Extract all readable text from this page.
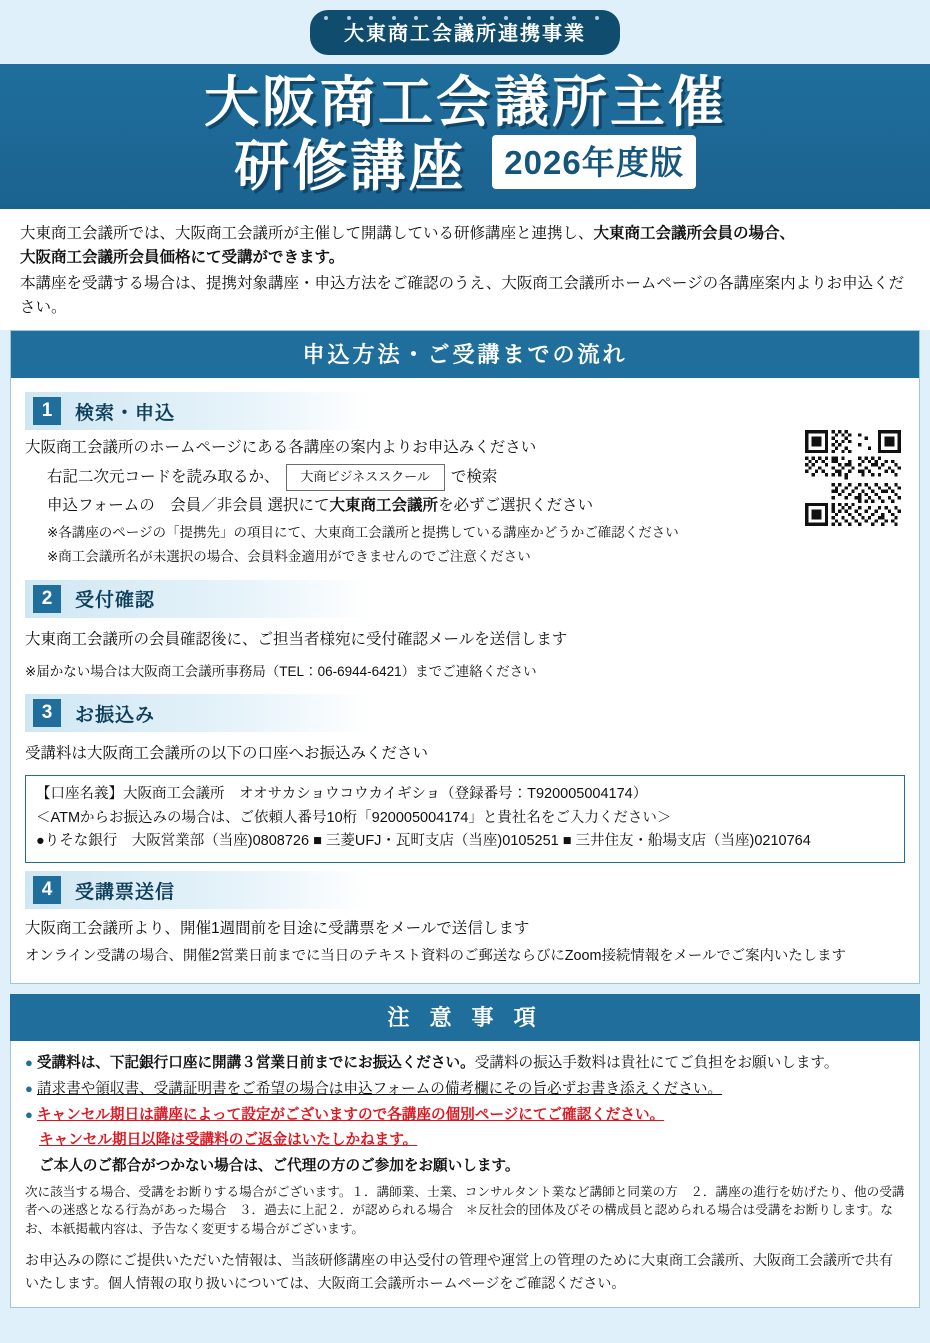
大東商工会議所連携事業
大阪商工会議所主催
研修講座	2026年度版

大東商工会議所では、大阪商工会議所が主催して開講している研修講座と連携し、大東商工会議所会員の場合、
大阪商工会議所会員価格にて受講ができます。

本講座を受講する場合は、提携対象講座・申込方法をご確認のうえ、大阪商工会議所ホームページの各講座案内よりお申込ください。

申込方法・ご受講までの流れ
1	検索・申込
大阪商工会議所のホームページにある各講座の案内よりお申込みください
右記二次元コードを読み取るか、 大商ビジネススクール で検索
申込フォームの　会員／非会員 選択にて大東商工会議所を必ずご選択ください
※各講座のページの「提携先」の項目にて、大東商工会議所と提携している講座かどうかご確認ください
※商工会議所名が未選択の場合、会員料金適用ができませんのでご注意ください
2	受付確認
大東商工会議所の会員確認後に、ご担当者様宛に受付確認メールを送信します
※届かない場合は大阪商工会議所事務局（TEL：06-6944-6421）までご連絡ください
3	お振込み
受講料は大阪商工会議所の以下の口座へお振込みください
【口座名義】大阪商工会議所　オオサカショウコウカイギショ（登録番号：T920005004174）
＜ATMからお振込みの場合は、ご依頼人番号10桁「920005004174」と貴社名をご入力ください＞
●りそな銀行　大阪営業部（当座)0808726 ■ 三菱UFJ・瓦町支店（当座)0105251 ■ 三井住友・船場支店（当座)0210764
4	受講票送信
大阪商工会議所より、開催1週間前を目途に受講票をメールで送信します
オンライン受講の場合、開催2営業日前までに当日のテキスト資料のご郵送ならびにZoom接続情報をメールでご案内いたします
注 意 事 項
● 受講料は、下記銀行口座に開講３営業日前までにお振込ください。受講料の振込手数料は貴社にてご負担をお願いします。
● 請求書や領収書、受講証明書をご希望の場合は申込フォームの備考欄にその旨必ずお書き添えください。
● キャンセル期日は講座によって設定がございますので各講座の個別ページにてご確認ください。
キャンセル期日以降は受講料のご返金はいたしかねます。
ご本人のご都合がつかない場合は、ご代理の方のご参加をお願いします。
次に該当する場合、受講をお断りする場合がございます。１．講師業、士業、コンサルタント業など講師と同業の方　２．講座の進行を妨げたり、他の受講者への迷惑となる行為があった場合　３．過去に上記２．が認められる場合　＊反社会的団体及びその構成員と認められる場合は受講をお断りします。なお、本紙掲載内容は、予告なく変更する場合がございます。
お申込みの際にご提供いただいた情報は、当該研修講座の申込受付の管理や運営上の管理のために大東商工会議所、大阪商工会議所で共有いたします。個人情報の取り扱いについては、大阪商工会議所ホームページをご確認ください。
